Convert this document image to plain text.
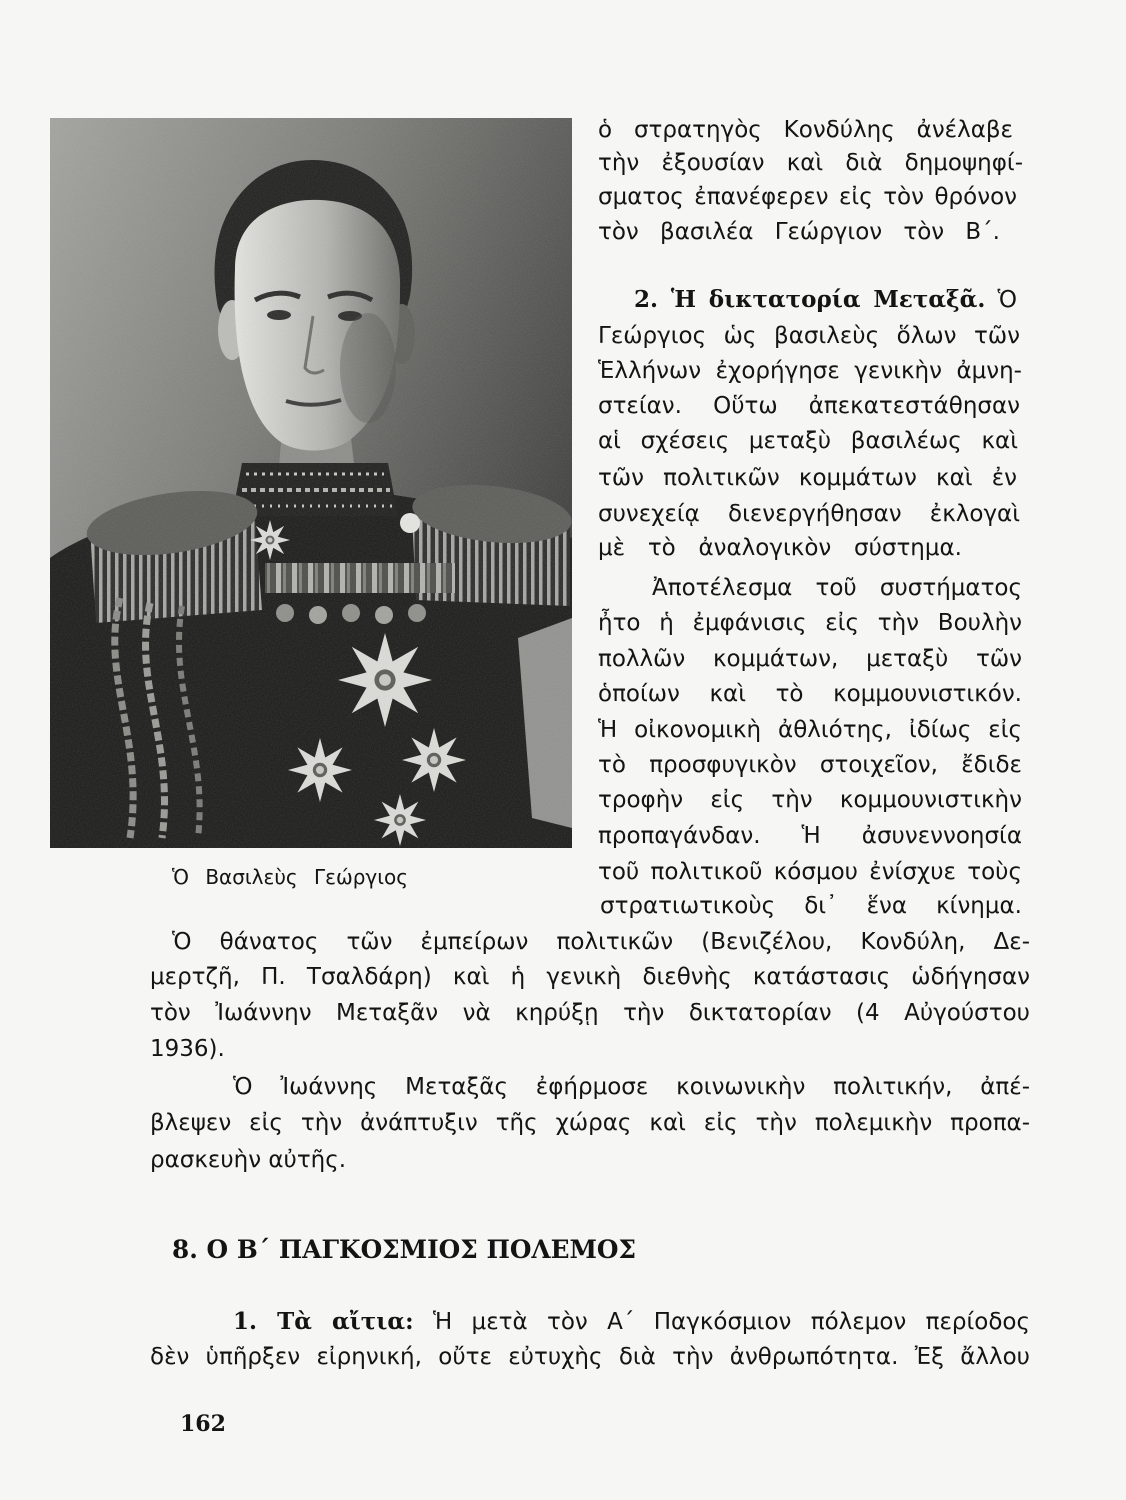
Ὁ Βασιλεὺς Γεώργιος
ὁ στρατηγὸς Κονδύλης ἀνέλαβε
τὴν ἐξουσίαν καὶ διὰ δημοψηφί-
σματος ἐπανέφερεν εἰς τὸν θρόνον
τὸν βασιλέα Γεώργιον τὸν Β΄.
2. Ἡ δικτατορία Μεταξᾶ. Ὁ
Γεώργιος ὡς βασιλεὺς ὅλων τῶν
Ἑλλήνων ἐχορήγησε γενικὴν ἀμνη-
στείαν. Οὕτω ἀπεκατεστάθησαν
αἱ σχέσεις μεταξὺ βασιλέως καὶ
τῶν πολιτικῶν κομμάτων καὶ ἐν
συνεχείᾳ διενεργήθησαν ἐκλογαὶ
μὲ τὸ ἀναλογικὸν σύστημα.
Ἀποτέλεσμα τοῦ συστήματος
ἦτο ἡ ἐμφάνισις εἰς τὴν Βουλὴν
πολλῶν κομμάτων, μεταξὺ τῶν
ὁποίων καὶ τὸ κομμουνιστικόν.
Ἡ οἰκονομικὴ ἀθλιότης, ἰδίως εἰς
τὸ προσφυγικὸν στοιχεῖον, ἔδιδε
τροφὴν εἰς τὴν κομμουνιστικὴν
προπαγάνδαν. Ἡ ἀσυνεννοησία
τοῦ πολιτικοῦ κόσμου ἐνίσχυε τοὺς
στρατιωτικοὺς δι᾿ ἕνα κίνημα.
Ὁ θάνατος τῶν ἐμπείρων πολιτικῶν (Βενιζέλου, Κονδύλη, Δε-
μερτζῆ, Π. Τσαλδάρη) καὶ ἡ γενικὴ διεθνὴς κατάστασις ὡδήγησαν
τὸν Ἰωάννην Μεταξᾶν νὰ κηρύξῃ τὴν δικτατορίαν (4 Αὐγούστου
1936).
Ὁ Ἰωάννης Μεταξᾶς ἐφήρμοσε κοινωνικὴν πολιτικήν, ἀπέ-
βλεψεν εἰς τὴν ἀνάπτυξιν τῆς χώρας καὶ εἰς τὴν πολεμικὴν προπα-
ρασκευὴν αὐτῆς.
8. Ο Β΄ ΠΑΓΚΟΣΜΙΟΣ ΠΟΛΕΜΟΣ
1. Τὰ αἴτια: Ἡ μετὰ τὸν Α΄ Παγκόσμιον πόλεμον περίοδος
δὲν ὑπῆρξεν εἰρηνική, οὔτε εὐτυχὴς διὰ τὴν ἀνθρωπότητα. Ἐξ ἄλλου
162
